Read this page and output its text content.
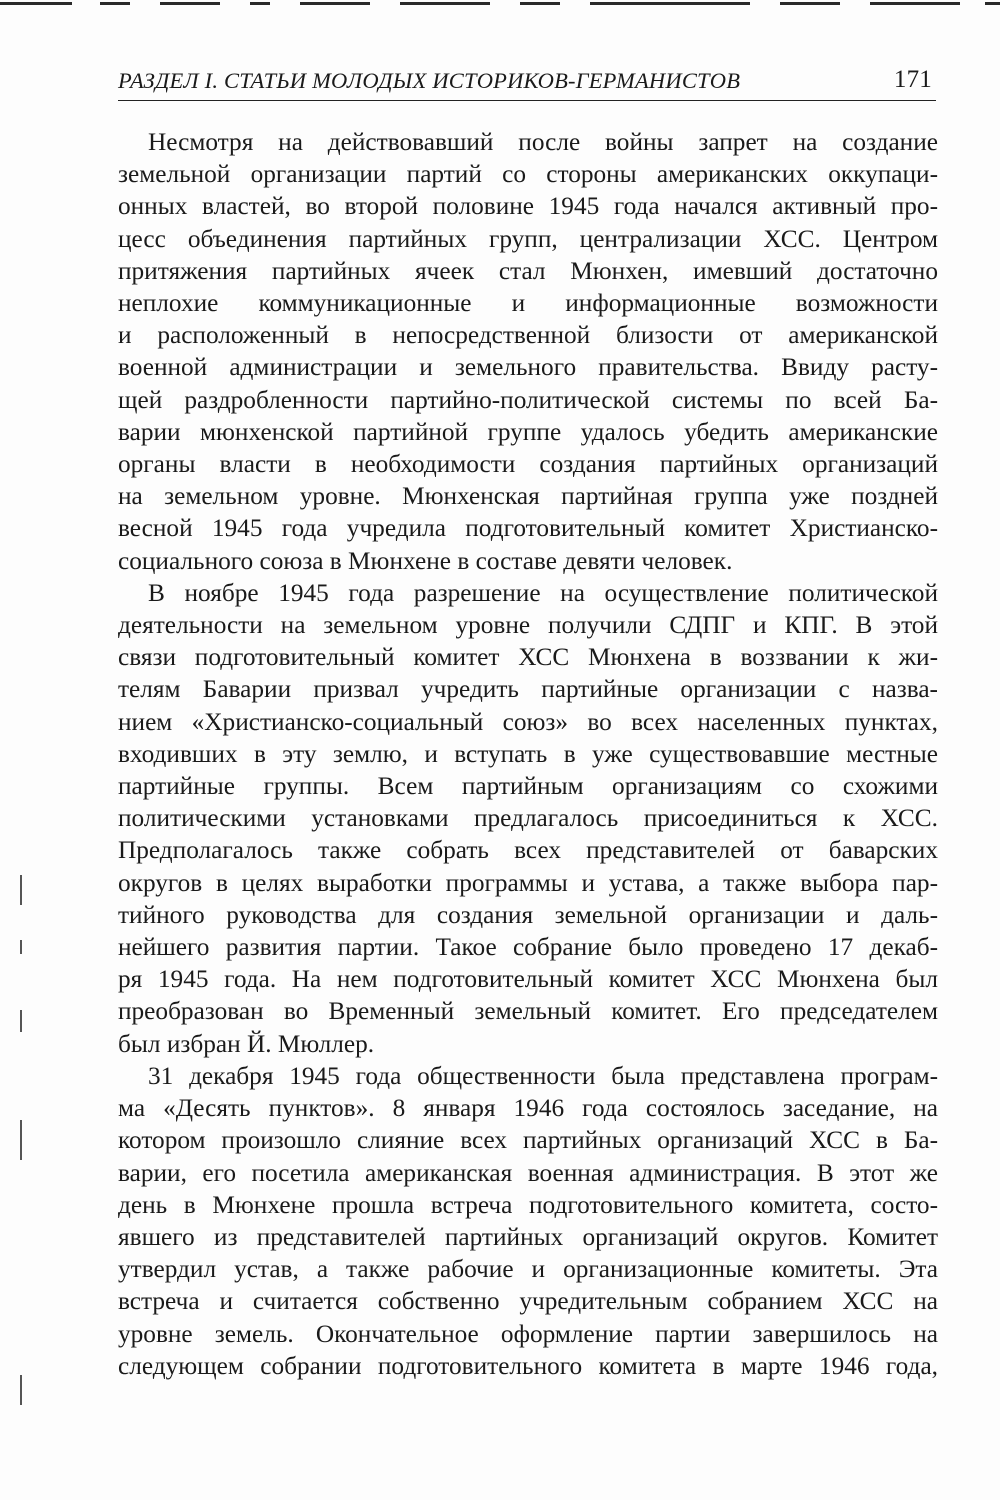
РАЗДЕЛ I. СТАТЬИ МОЛОДЫХ ИСТОРИКОВ-ГЕРМАНИСТОВ	171

Несмотря на действовавший после войны запрет на создание
земельной организации партий со стороны американских оккупаци-
онных властей, во второй половине 1945 года начался активный про-
цесс объединения партийных групп, централизации ХСС. Центром
притяжения партийных ячеек стал Мюнхен, имевший достаточно
неплохие коммуникационные и информационные возможности
и расположенный в непосредственной близости от американской
военной администрации и земельного правительства. Ввиду расту-
щей раздробленности партийно-политической системы по всей Ба-
варии мюнхенской партийной группе удалось убедить американские
органы власти в необходимости создания партийных организаций
на земельном уровне. Мюнхенская партийная группа уже поздней
весной 1945 года учредила подготовительный комитет Христианско-
социального союза в Мюнхене в составе девяти человек.

В ноябре 1945 года разрешение на осуществление политической
деятельности на земельном уровне получили СДПГ и КПГ. В этой
связи подготовительный комитет ХСС Мюнхена в воззвании к жи-
телям Баварии призвал учредить партийные организации с назва-
нием «Христианско-социальный союз» во всех населенных пунктах,
входивших в эту землю, и вступать в уже существовавшие местные
партийные группы. Всем партийным организациям со схожими
политическими установками предлагалось присоединиться к ХСС.
Предполагалось также собрать всех представителей от баварских
округов в целях выработки программы и устава, а также выбора пар-
тийного руководства для создания земельной организации и даль-
нейшего развития партии. Такое собрание было проведено 17 декаб-
ря 1945 года. На нем подготовительный комитет ХСС Мюнхена был
преобразован во Временный земельный комитет. Его председателем
был избран Й. Мюллер.

31 декабря 1945 года общественности была представлена програм-
ма «Десять пунктов». 8 января 1946 года состоялось заседание, на
котором произошло слияние всех партийных организаций ХСС в Ба-
варии, его посетила американская военная администрация. В этот же
день в Мюнхене прошла встреча подготовительного комитета, состо-
явшего из представителей партийных организаций округов. Комитет
утвердил устав, а также рабочие и организационные комитеты. Эта
встреча и считается собственно учредительным собранием ХСС на
уровне земель. Окончательное оформление партии завершилось на
следующем собрании подготовительного комитета в марте 1946 года,
